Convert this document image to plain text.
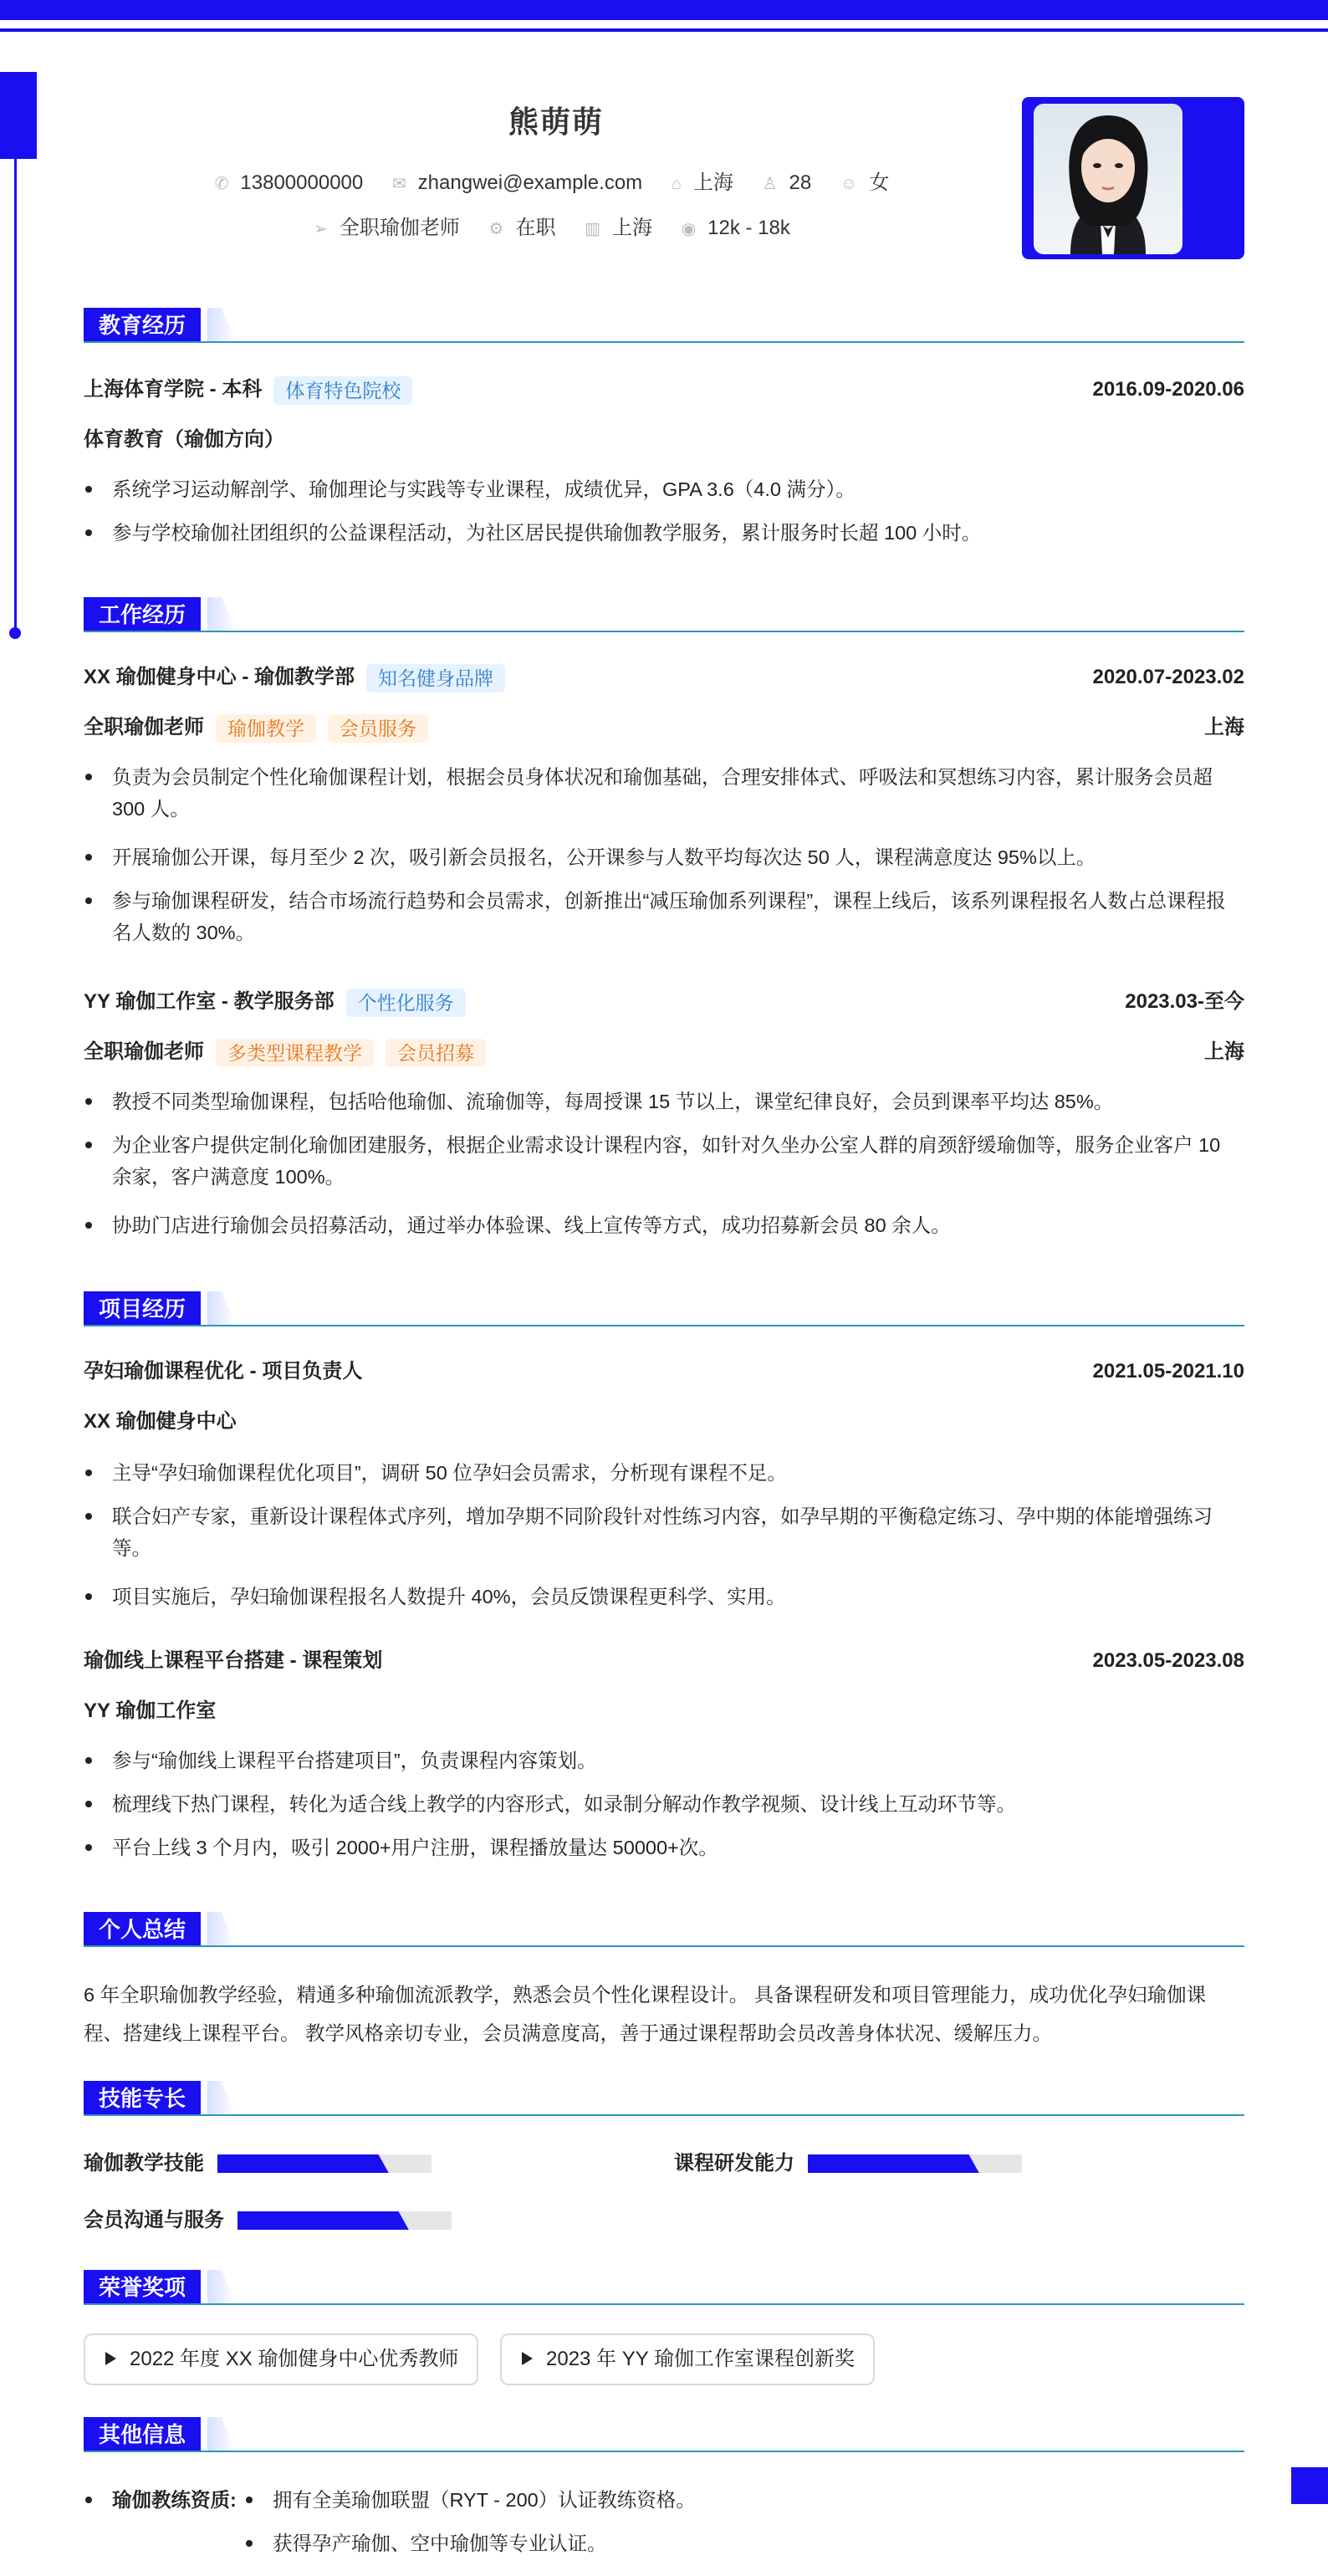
熊萌萌
✆ 13800000000 ✉ zhangwei@example.com ⌂ 上海 ♙ 28 ☺ 女
➢ 全职瑜伽老师 ⚙ 在职 ▥ 上海 ◉ 12k - 18k
教育经历
上海体育学院 - 本科 体育特色院校	2016.09-2020.06
体育教育（瑜伽方向）
系统学习运动解剖学、瑜伽理论与实践等专业课程，成绩优异，GPA 3.6（4.0 满分）。
参与学校瑜伽社团组织的公益课程活动，为社区居民提供瑜伽教学服务，累计服务时长超 100 小时。
工作经历
XX 瑜伽健身中心 - 瑜伽教学部 知名健身品牌	2020.07-2023.02
全职瑜伽老师 瑜伽教学 会员服务	上海
负责为会员制定个性化瑜伽课程计划，根据会员身体状况和瑜伽基础，合理安排体式、呼吸法和冥想练习内容，累计服务会员超 300 人。
开展瑜伽公开课，每月至少 2 次，吸引新会员报名，公开课参与人数平均每次达 50 人，课程满意度达 95%以上。
参与瑜伽课程研发，结合市场流行趋势和会员需求，创新推出“减压瑜伽系列课程”，课程上线后，该系列课程报名人数占总课程报名人数的 30%。
YY 瑜伽工作室 - 教学服务部 个性化服务	2023.03-至今
全职瑜伽老师 多类型课程教学 会员招募	上海
教授不同类型瑜伽课程，包括哈他瑜伽、流瑜伽等，每周授课 15 节以上，课堂纪律良好，会员到课率平均达 85%。
为企业客户提供定制化瑜伽团建服务，根据企业需求设计课程内容，如针对久坐办公室人群的肩颈舒缓瑜伽等，服务企业客户 10 余家，客户满意度 100%。
协助门店进行瑜伽会员招募活动，通过举办体验课、线上宣传等方式，成功招募新会员 80 余人。
项目经历
孕妇瑜伽课程优化 - 项目负责人	2021.05-2021.10
XX 瑜伽健身中心
主导“孕妇瑜伽课程优化项目”，调研 50 位孕妇会员需求，分析现有课程不足。
联合妇产专家，重新设计课程体式序列，增加孕期不同阶段针对性练习内容，如孕早期的平衡稳定练习、孕中期的体能增强练习等。
项目实施后，孕妇瑜伽课程报名人数提升 40%，会员反馈课程更科学、实用。
瑜伽线上课程平台搭建 - 课程策划	2023.05-2023.08
YY 瑜伽工作室
参与“瑜伽线上课程平台搭建项目”，负责课程内容策划。
梳理线下热门课程，转化为适合线上教学的内容形式，如录制分解动作教学视频、设计线上互动环节等。
平台上线 3 个月内，吸引 2000+用户注册，课程播放量达 50000+次。
个人总结
6 年全职瑜伽教学经验，精通多种瑜伽流派教学，熟悉会员个性化课程设计。 具备课程研发和项目管理能力，成功优化孕妇瑜伽课程、搭建线上课程平台。 教学风格亲切专业，会员满意度高，善于通过课程帮助会员改善身体状况、缓解压力。
技能专长
瑜伽教学技能	课程研发能力
会员沟通与服务
荣誉奖项
2022 年度 XX 瑜伽健身中心优秀教师	2023 年 YY 瑜伽工作室课程创新奖
其他信息
瑜伽教练资质:	拥有全美瑜伽联盟（RYT - 200）认证教练资格。
获得孕产瑜伽、空中瑜伽等专业认证。
